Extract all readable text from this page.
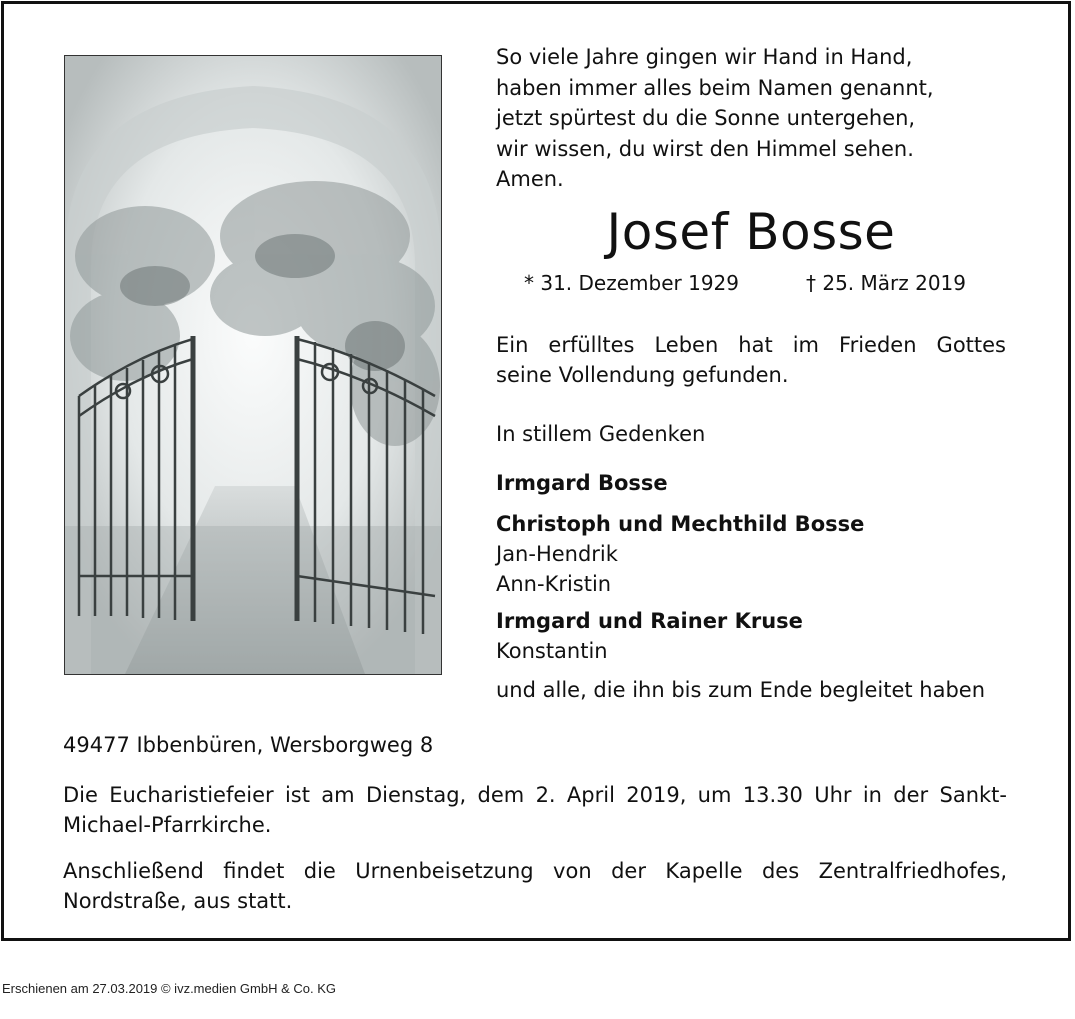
So viele Jahre gingen wir Hand in Hand,
haben immer alles beim Namen genannt,
jetzt spürtest du die Sonne untergehen,
wir wissen, du wirst den Himmel sehen.
Amen.
Josef Bosse
* 31. Dezember 1929	† 25. März 2019
Ein erfülltes Leben hat im Frieden Gottes
seine Vollendung gefunden.
In stillem Gedenken
Irmgard Bosse
Christoph und Mechthild Bosse
Jan-Hendrik
Ann-Kristin
Irmgard und Rainer Kruse
Konstantin
und alle, die ihn bis zum Ende begleitet haben
49477 Ibbenbüren, Wersborgweg 8
Die Eucharistiefeier ist am Dienstag, dem 2. April 2019, um 13.30 Uhr in der Sankt-
Michael-Pfarrkirche.
Anschließend findet die Urnenbeisetzung von der Kapelle des Zentralfriedhofes,
Nordstraße, aus statt.
Erschienen am 27.03.2019 © ivz.medien GmbH & Co. KG
